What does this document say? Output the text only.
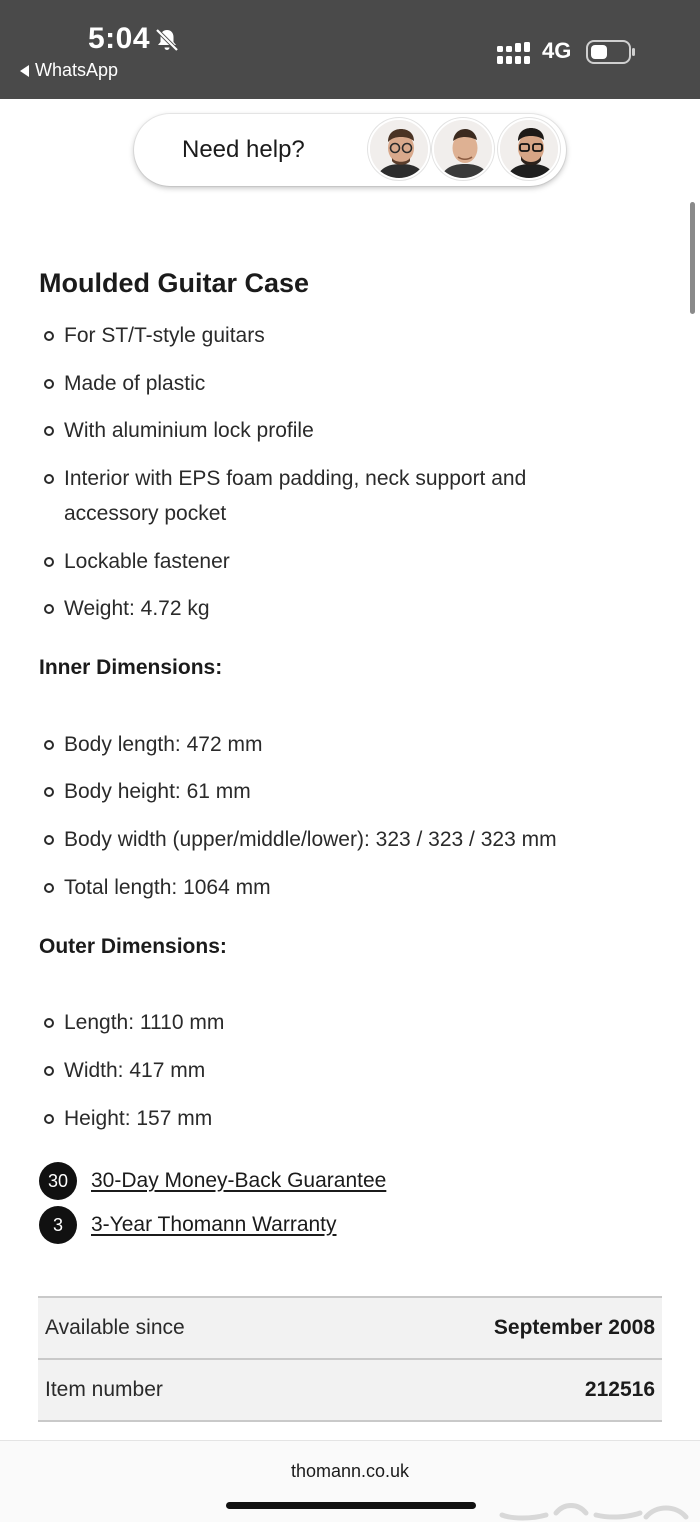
5:04
WhatsApp
4G
Need help?
Moulded Guitar Case
For ST/T-style guitars
Made of plastic
With aluminium lock profile
Interior with EPS foam padding, neck support and accessory pocket
Lockable fastener
Weight: 4.72 kg
Inner Dimensions:
Body length: 472 mm
Body height: 61 mm
Body width (upper/middle/lower): 323 / 323 / 323 mm
Total length: 1064 mm
Outer Dimensions:
Length: 1110 mm
Width: 417 mm
Height: 157 mm
30	30-Day Money-Back Guarantee
3	3-Year Thomann Warranty
Available since	September 2008
Item number	212516
thomann.co.uk
